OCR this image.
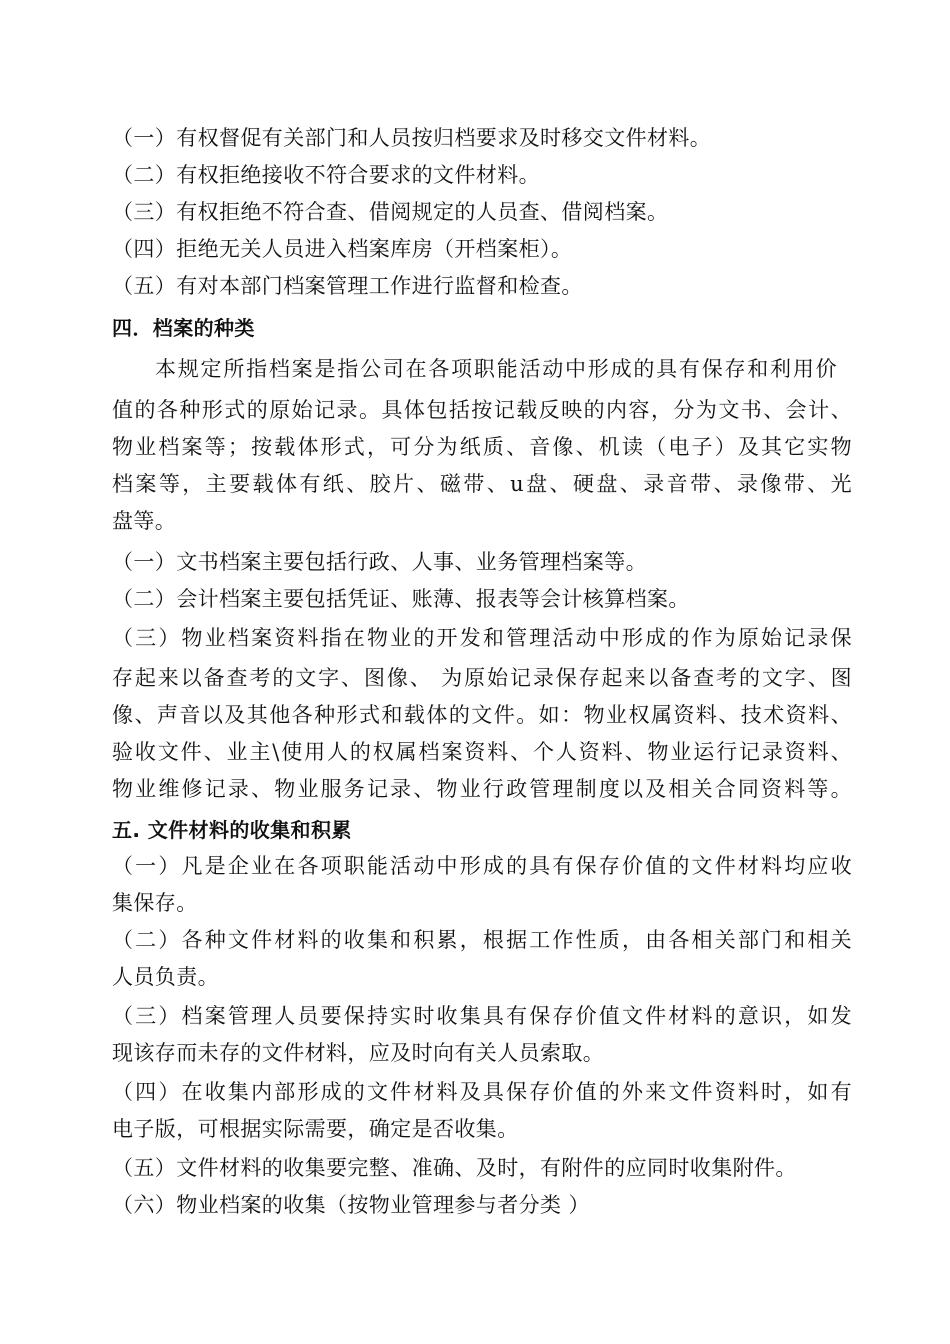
（一）有权督促有关部门和人员按归档要求及时移交文件材料。
（二）有权拒绝接收不符合要求的文件材料。
（三）有权拒绝不符合查、借阅规定的人员查、借阅档案。
（四）拒绝无关人员进入档案库房（开档案柜）。
（五）有对本部门档案管理工作进行监督和检查。
四．档案的种类
本规定所指档案是指公司在各项职能活动中形成的具有保存和利用价
值的各种形式的原始记录。具体包括按记载反映的内容，分为文书、会计、
物业档案等；按载体形式，可分为纸质、音像、机读（电子）及其它实物
档案等，主要载体有纸、胶片、磁带、u盘、硬盘、录音带、录像带、光
盘等。
（一）文书档案主要包括行政、人事、业务管理档案等。
（二）会计档案主要包括凭证、账薄、报表等会计核算档案。
（三）物业档案资料指在物业的开发和管理活动中形成的作为原始记录保
存起来以备查考的文字、图像、 为原始记录保存起来以备查考的文字、图
像、声音以及其他各种形式和载体的文件。如：物业权属资料、技术资料、
验收文件、业主\使用人的权属档案资料、个人资料、物业运行记录资料、
物业维修记录、物业服务记录、物业行政管理制度以及相关合同资料等。
五. 文件材料的收集和积累
（一）凡是企业在各项职能活动中形成的具有保存价值的文件材料均应收
集保存。
（二）各种文件材料的收集和积累，根据工作性质，由各相关部门和相关
人员负责。
（三）档案管理人员要保持实时收集具有保存价值文件材料的意识，如发
现该存而未存的文件材料，应及时向有关人员索取。
（四）在收集内部形成的文件材料及具保存价值的外来文件资料时，如有
电子版，可根据实际需要，确定是否收集。
（五）文件材料的收集要完整、准确、及时，有附件的应同时收集附件。
（六）物业档案的收集（按物业管理参与者分类 ）
